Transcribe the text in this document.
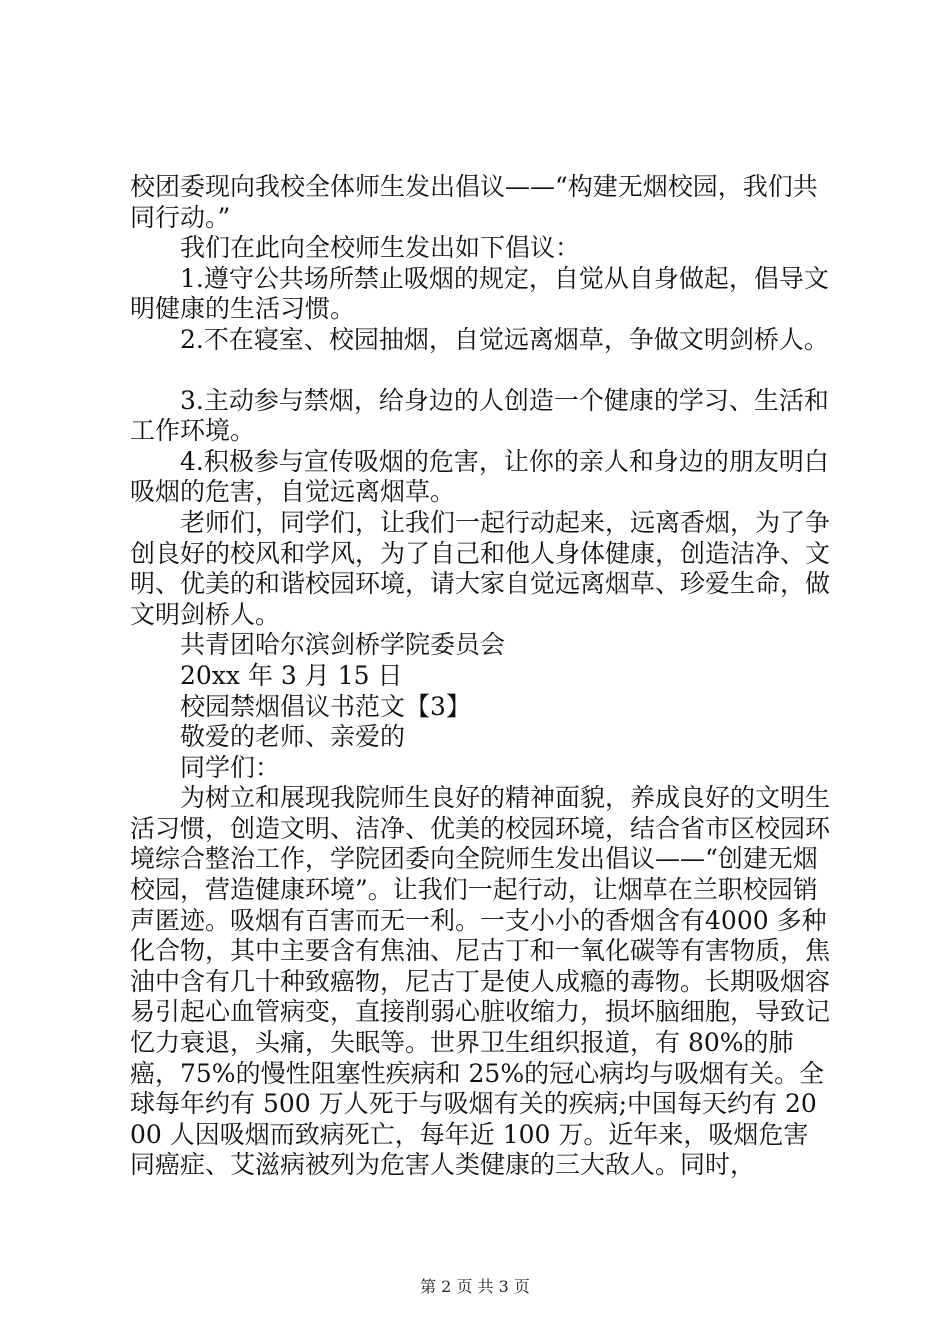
校团委现向我校全体师生发出倡议——“构建无烟校园，我们共同行动。”

我们在此向全校师生发出如下倡议：

1.遵守公共场所禁止吸烟的规定，自觉从自身做起，倡导文明健康的生活习惯。

2.不在寝室、校园抽烟，自觉远离烟草，争做文明剑桥人。

3.主动参与禁烟，给身边的人创造一个健康的学习、生活和工作环境。

4.积极参与宣传吸烟的危害，让你的亲人和身边的朋友明白吸烟的危害，自觉远离烟草。

老师们，同学们，让我们一起行动起来，远离香烟，为了争创良好的校风和学风，为了自己和他人身体健康，创造洁净、文明、优美的和谐校园环境，请大家自觉远离烟草、珍爱生命，做文明剑桥人。

共青团哈尔滨剑桥学院委员会

20xx 年 3 月 15 日

校园禁烟倡议书范文【3】

敬爱的老师、亲爱的

同学们：

为树立和展现我院师生良好的精神面貌，养成良好的文明生活习惯，创造文明、洁净、优美的校园环境，结合省市区校园环境综合整治工作，学院团委向全院师生发出倡议——“创建无烟校园，营造健康环境”。让我们一起行动，让烟草在兰职校园销声匿迹。吸烟有百害而无一利。一支小小的香烟含有4000 多种化合物，其中主要含有焦油、尼古丁和一氧化碳等有害物质，焦油中含有几十种致癌物，尼古丁是使人成瘾的毒物。长期吸烟容易引起心血管病变，直接削弱心脏收缩力，损坏脑细胞，导致记忆力衰退，头痛，失眠等。世界卫生组织报道，有 80%的肺癌，75%的慢性阻塞性疾病和 25%的冠心病均与吸烟有关。全球每年约有 500 万人死于与吸烟有关的疾病;中国每天约有 2000 人因吸烟而致病死亡，每年近 100 万。近年来，吸烟危害同癌症、艾滋病被列为危害人类健康的三大敌人。同时，

第 2 页 共 3 页
